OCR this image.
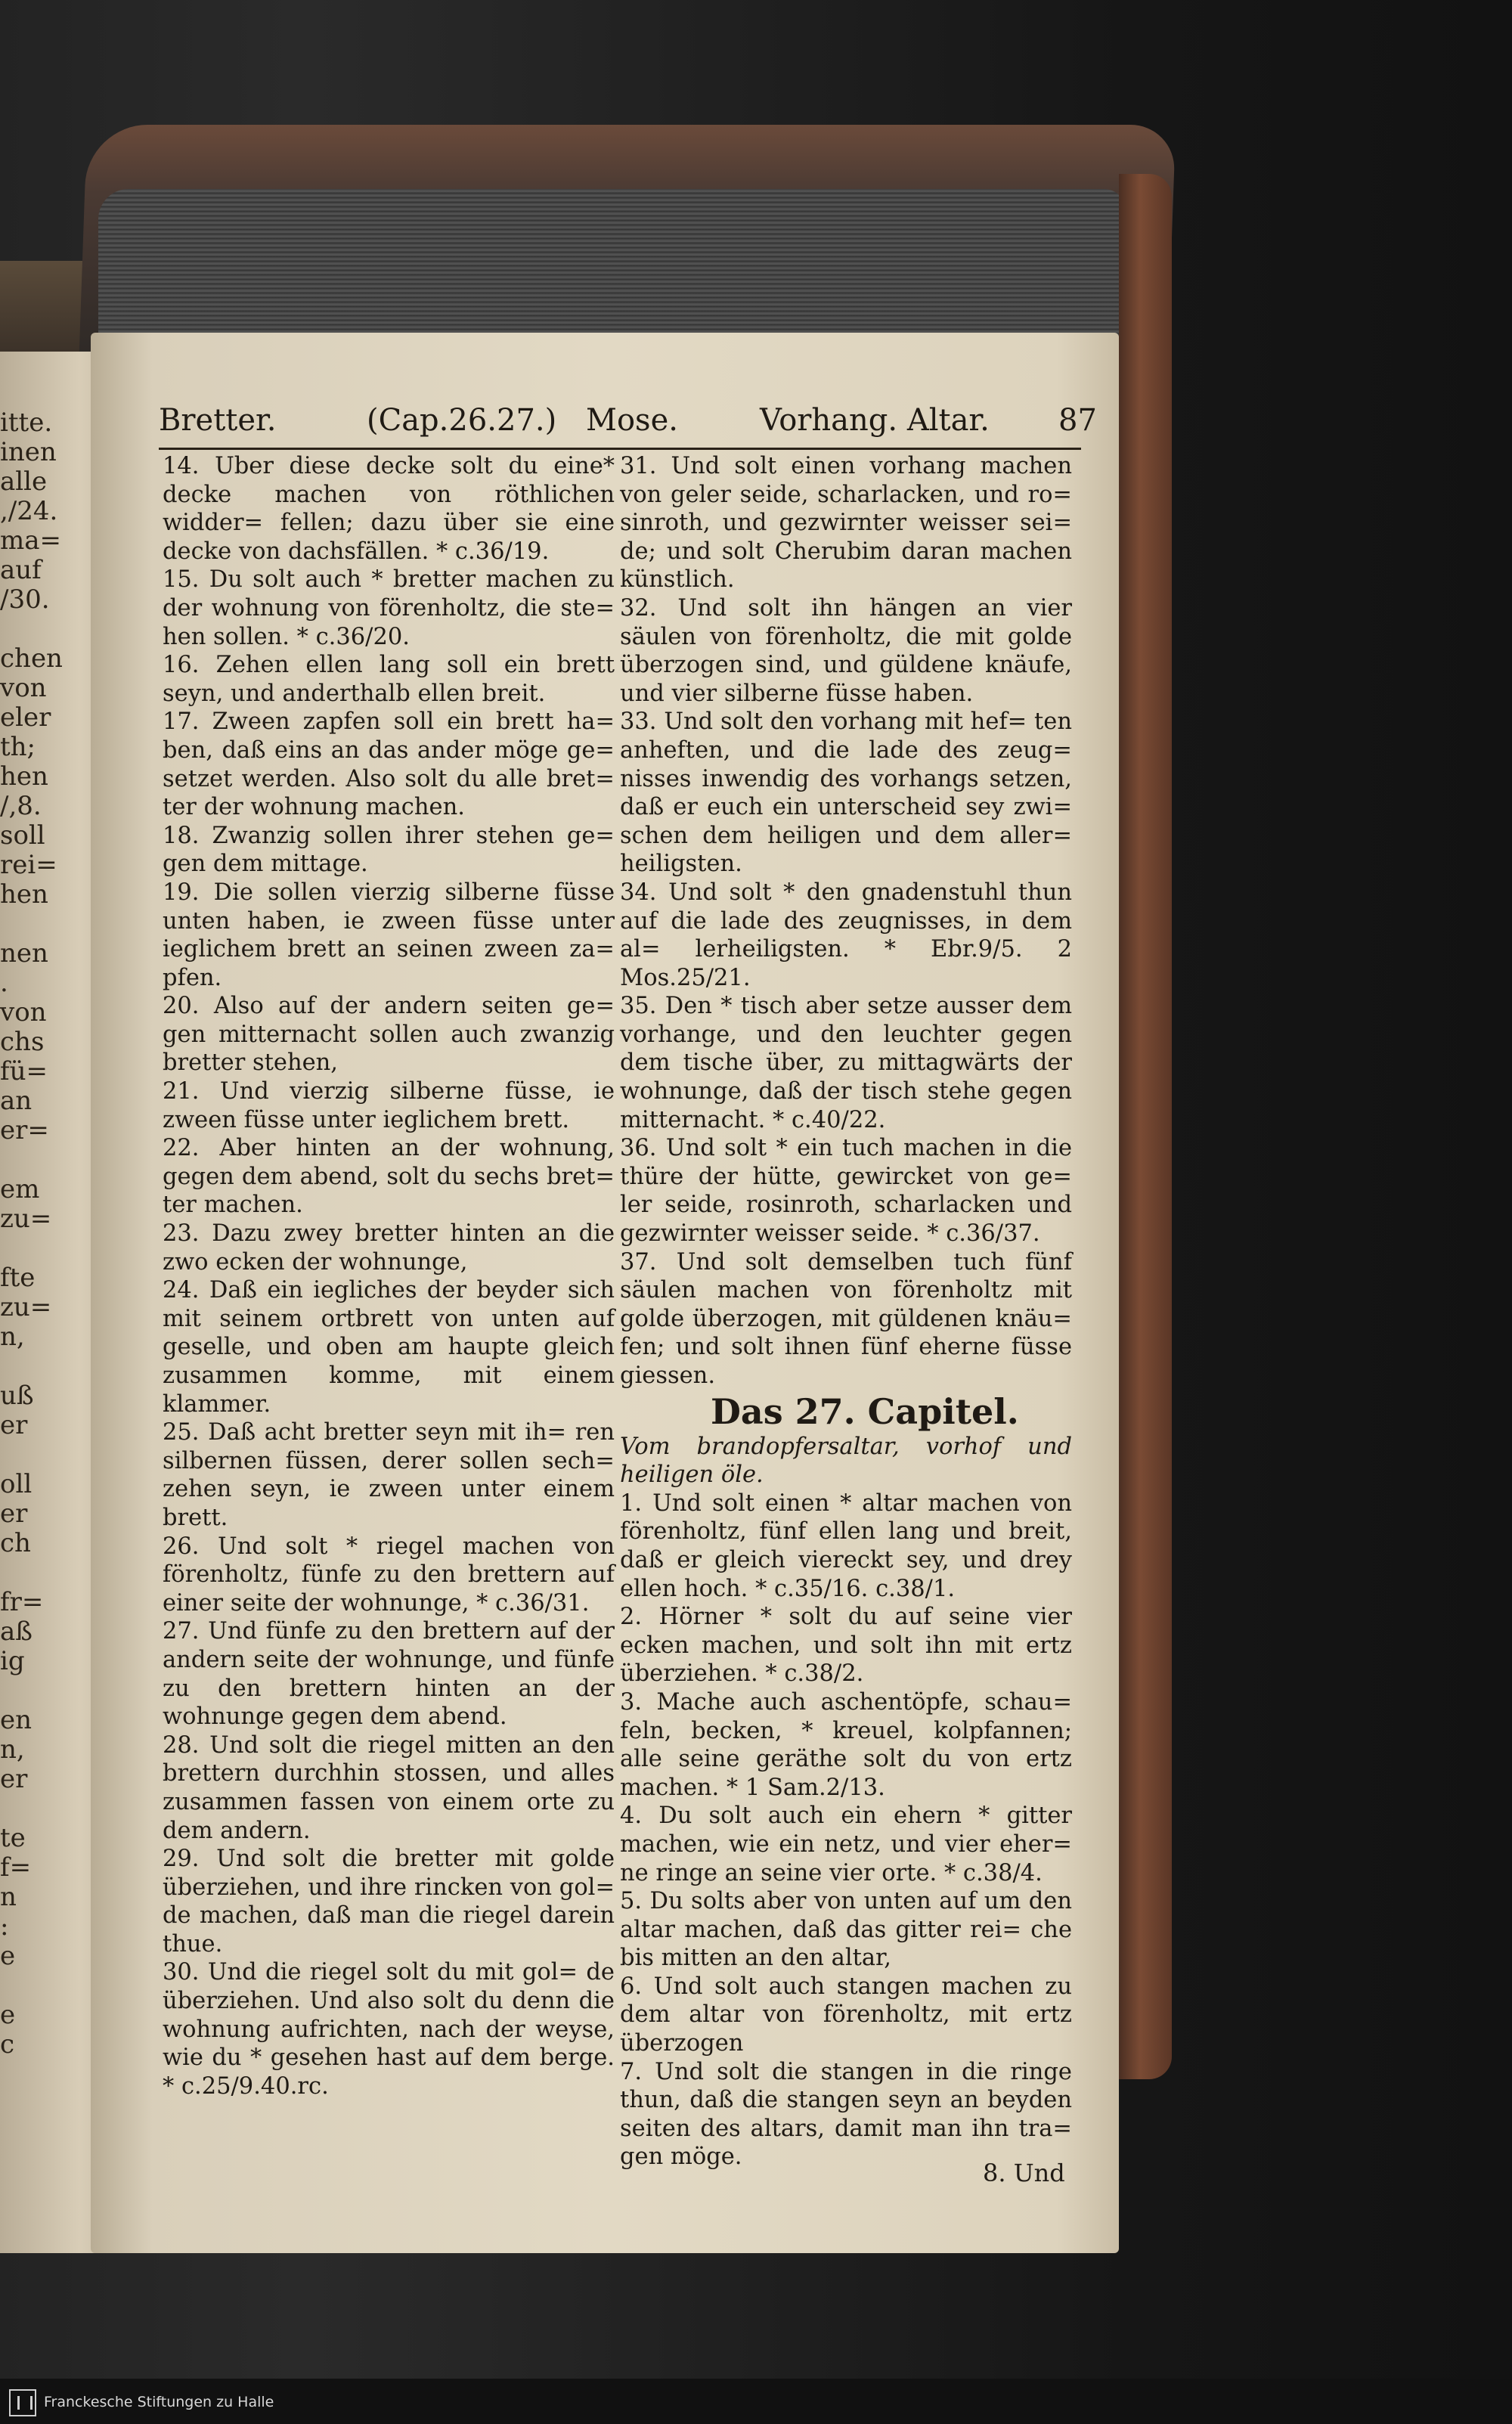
itte.
inen
alle
,/24.
ma=
auf
/30.

chen
von
eler
th;
hen
/,8.
soll
rei=
hen

nen
.
von
chs
fü=
an
er=

em
zu=

fte
zu=
n,

uß
er

oll
er
ch

fr=
aß
ig

en
n,
er

te
f=
n
:
e

e
c
Bretter.	(Cap.26.27.) Mose.	Vorhang. Altar. 87

14. Uber diese decke solt du eine* decke machen von röthlichen widder= fellen; dazu über sie eine decke von dachsfällen. * c.36/19.

15. Du solt auch * bretter machen zu der wohnung von förenholtz, die ste= hen sollen. * c.36/20.

16. Zehen ellen lang soll ein brett seyn, und anderthalb ellen breit.

17. Zween zapfen soll ein brett ha= ben, daß eins an das ander möge ge= setzet werden. Also solt du alle bret= ter der wohnung machen.

18. Zwanzig sollen ihrer stehen ge= gen dem mittage.

19. Die sollen vierzig silberne füsse unten haben, ie zween füsse unter ieglichem brett an seinen zween za= pfen.

20. Also auf der andern seiten ge= gen mitternacht sollen auch zwanzig bretter stehen,

21. Und vierzig silberne füsse, ie zween füsse unter ieglichem brett.

22. Aber hinten an der wohnung, gegen dem abend, solt du sechs bret= ter machen.

23. Dazu zwey bretter hinten an die zwo ecken der wohnunge,

24. Daß ein iegliches der beyder sich mit seinem ortbrett von unten auf geselle, und oben am haupte gleich zusammen komme, mit einem klammer.

25. Daß acht bretter seyn mit ih= ren silbernen füssen, derer sollen sech= zehen seyn, ie zween unter einem brett.

26. Und solt * riegel machen von förenholtz, fünfe zu den brettern auf einer seite der wohnunge, * c.36/31.

27. Und fünfe zu den brettern auf der andern seite der wohnunge, und fünfe zu den brettern hinten an der wohnunge gegen dem abend.

28. Und solt die riegel mitten an den brettern durchhin stossen, und alles zusammen fassen von einem orte zu dem andern.

29. Und solt die bretter mit golde überziehen, und ihre rincken von gol= de machen, daß man die riegel darein thue.

30. Und die riegel solt du mit gol= de überziehen. Und also solt du denn die wohnung aufrichten, nach der weyse, wie du * gesehen hast auf dem berge. * c.25/9.40.rc.

31. Und solt einen vorhang machen von geler seide, scharlacken, und ro= sinroth, und gezwirnter weisser sei= de; und solt Cherubim daran machen künstlich.

32. Und solt ihn hängen an vier säulen von förenholtz, die mit golde überzogen sind, und güldene knäufe, und vier silberne füsse haben.

33. Und solt den vorhang mit hef= ten anheften, und die lade des zeug= nisses inwendig des vorhangs setzen, daß er euch ein unterscheid sey zwi= schen dem heiligen und dem aller= heiligsten.

34. Und solt * den gnadenstuhl thun auf die lade des zeugnisses, in dem al= lerheiligsten. * Ebr.9/5. 2 Mos.25/21.

35. Den * tisch aber setze ausser dem vorhange, und den leuchter gegen dem tische über, zu mittagwärts der wohnunge, daß der tisch stehe gegen mitternacht. * c.40/22.

36. Und solt * ein tuch machen in die thüre der hütte, gewircket von ge= ler seide, rosinroth, scharlacken und gezwirnter weisser seide. * c.36/37.

37. Und solt demselben tuch fünf säulen machen von förenholtz mit golde überzogen, mit güldenen knäu= fen; und solt ihnen fünf eherne füsse giessen.

Das 27. Capitel.

Vom brandopfersaltar, vorhof und heiligen öle.

1. Und solt einen * altar machen von förenholtz, fünf ellen lang und breit, daß er gleich viereckt sey, und drey ellen hoch. * c.35/16. c.38/1.

2. Hörner * solt du auf seine vier ecken machen, und solt ihn mit ertz überziehen. * c.38/2.

3. Mache auch aschentöpfe, schau= feln, becken, * kreuel, kolpfannen; alle seine geräthe solt du von ertz machen. * 1 Sam.2/13.

4. Du solt auch ein ehern * gitter machen, wie ein netz, und vier eher= ne ringe an seine vier orte. * c.38/4.

5. Du solts aber von unten auf um den altar machen, daß das gitter rei= che bis mitten an den altar,

6. Und solt auch stangen machen zu dem altar von förenholtz, mit ertz überzogen

7. Und solt die stangen in die ringe thun, daß die stangen seyn an beyden seiten des altars, damit man ihn tra= gen möge.

8. Und
Franckesche Stiftungen zu Halle
